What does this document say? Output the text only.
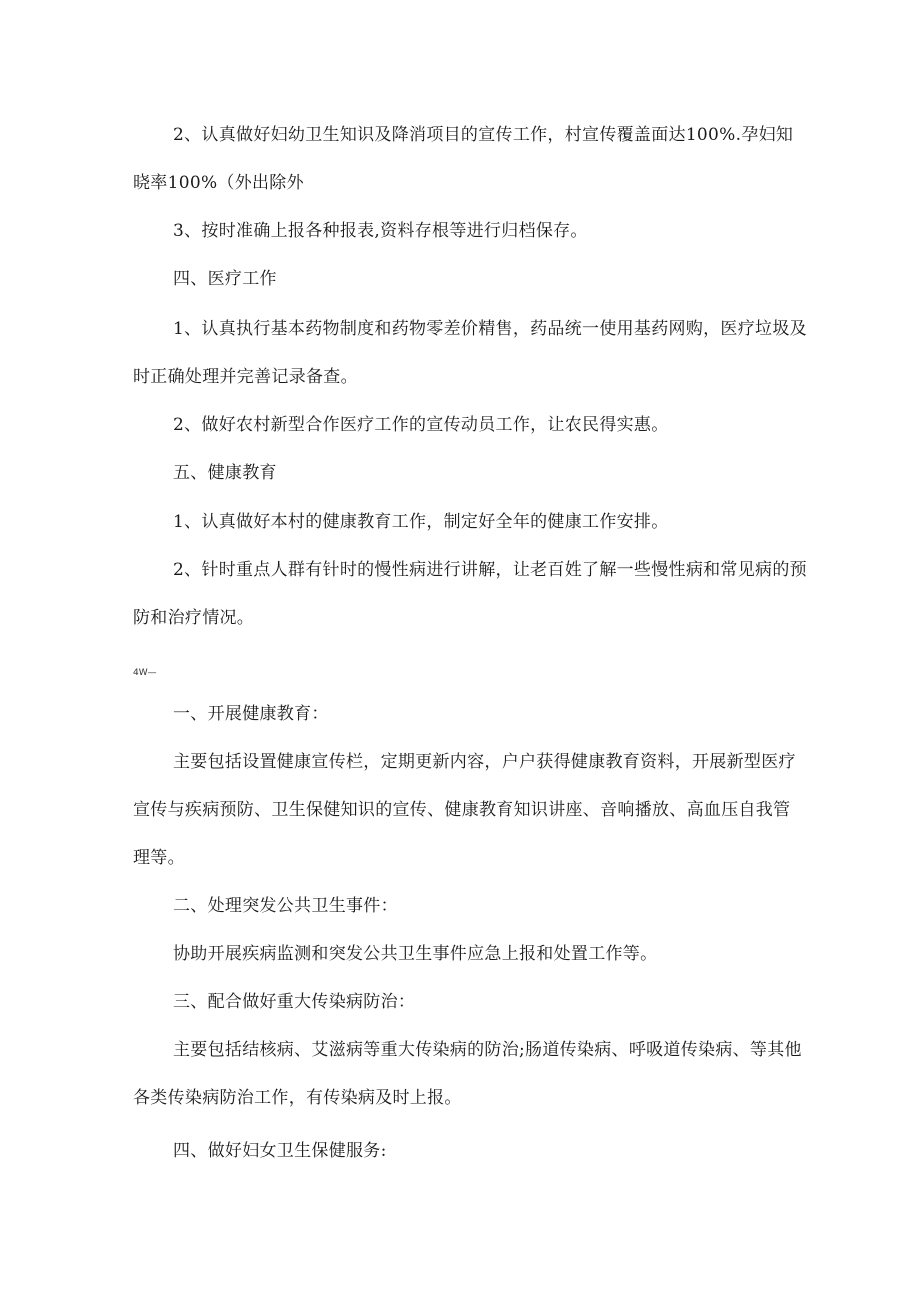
2、认真做好妇幼卫生知识及降消项目的宣传工作，村宣传覆盖面达100%.孕妇知
晓率100%（外出除外
3、按时准确上报各种报表,资料存根等进行归档保存。
四、医疗工作
1、认真执行基本药物制度和药物零差价精售，药品统一使用基药网购，医疗垃圾及
时正确处理并完善记录备查。
2、做好农村新型合作医疗工作的宣传动员工作，让农民得实惠。
五、健康教育
1、认真做好本村的健康教育工作，制定好全年的健康工作安排。
2、针时重点人群有针时的慢性病进行讲解，让老百姓了解一些慢性病和常见病的预
防和治疗情况。
4W—
一、开展健康教育：
主要包括设置健康宣传栏，定期更新内容，户户获得健康教育资料，开展新型医疗
宣传与疾病预防、卫生保健知识的宣传、健康教育知识讲座、音响播放、高血压自我管
理等。
二、处理突发公共卫生事件：
协助开展疾病监测和突发公共卫生事件应急上报和处置工作等。
三、配合做好重大传染病防治：
主要包括结核病、艾滋病等重大传染病的防治;肠道传染病、呼吸道传染病、等其他
各类传染病防治工作，有传染病及时上报。
四、做好妇女卫生保健服务:
